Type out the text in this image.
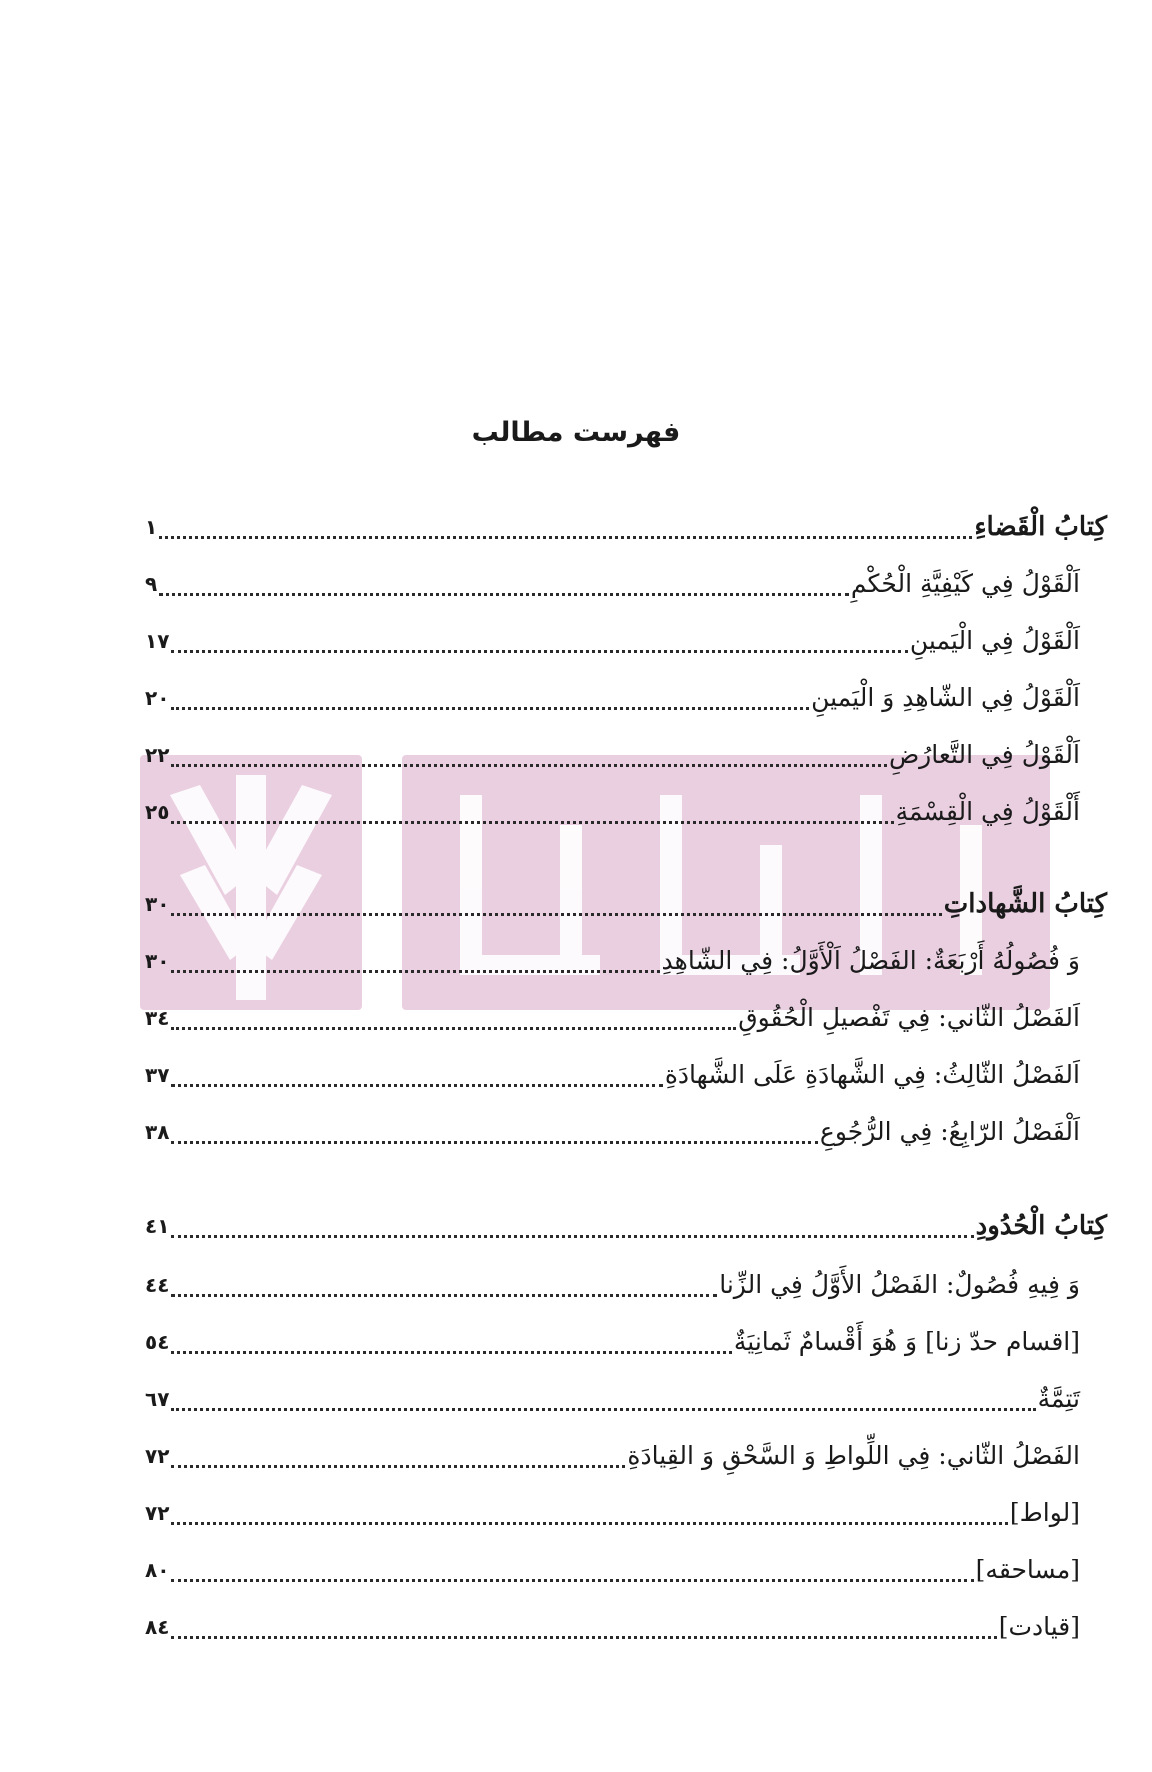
فهرست مطالب
كِتابُ الْقَضاءِ
١
اَلْقَوْلُ فِي كَيْفِيَّةِ الْحُكْمِ
٩
اَلْقَوْلُ فِي الْيَمينِ
١٧
اَلْقَوْلُ فِي الشّاهِدِ وَ الْيَمينِ
٢٠
اَلْقَوْلُ فِي التَّعارُضِ
٢٢
أَلْقَوْلُ فِي الْقِسْمَةِ
٢٥
كِتابُ الشَّهاداتِ
٣٠
وَ فُصُولُهُ أَرْبَعَةٌ: الفَصْلُ اَلْأَوَّلُ: فِي الشّاهِدِ
٣٠
اَلفَصْلُ الثّاني: فِي تَفْصيلِ الْحُقُوقِ
٣٤
اَلفَصْلُ الثّالِثُ: فِي الشَّهادَةِ عَلَى الشَّهادَةِ
٣٧
اَلْفَصْلُ الرّابِعُ: فِي الرُّجُوعِ
٣٨
كِتابُ الْحُدُودِ
٤١
وَ فِيهِ فُصُولٌ: الفَصْلُ الأَوَّلُ فِي الزِّنا
٤٤
[اقسام حدّ زنا] وَ هُوَ أَقْسامٌ ثَمانِيَةٌ
٥٤
تَتِمَّةٌ
٦٧
الفَصْلُ الثّاني: فِي اللِّواطِ وَ السَّحْقِ وَ القِيادَةِ
٧٢
[لواط]
٧٢
[مساحقه]
٨٠
[قيادت]
٨٤
